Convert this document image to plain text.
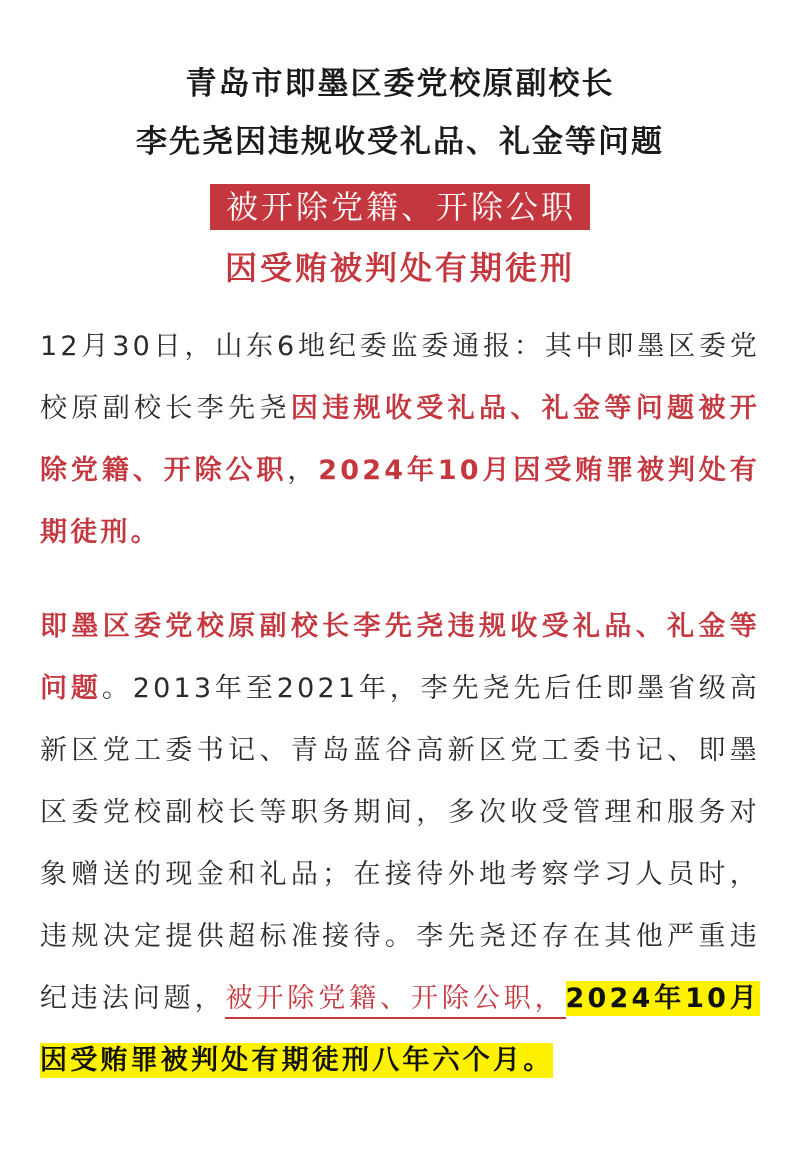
青岛市即墨区委党校原副校长
李先尧因违规收受礼品、礼金等问题
被开除党籍、开除公职
因受贿被判处有期徒刑

12月30日，山东6地纪委监委通报：其中即墨区委党校原副校长李先尧因违规收受礼品、礼金等问题被开除党籍、开除公职，2024年10月因受贿罪被判处有期徒刑。

即墨区委党校原副校长李先尧违规收受礼品、礼金等问题。2013年至2021年，李先尧先后任即墨省级高新区党工委书记、青岛蓝谷高新区党工委书记、即墨区委党校副校长等职务期间，多次收受管理和服务对象赠送的现金和礼品；在接待外地考察学习人员时，违规决定提供超标准接待。李先尧还存在其他严重违纪违法问题，被开除党籍、开除公职，2024年10月因受贿罪被判处有期徒刑八年六个月。
